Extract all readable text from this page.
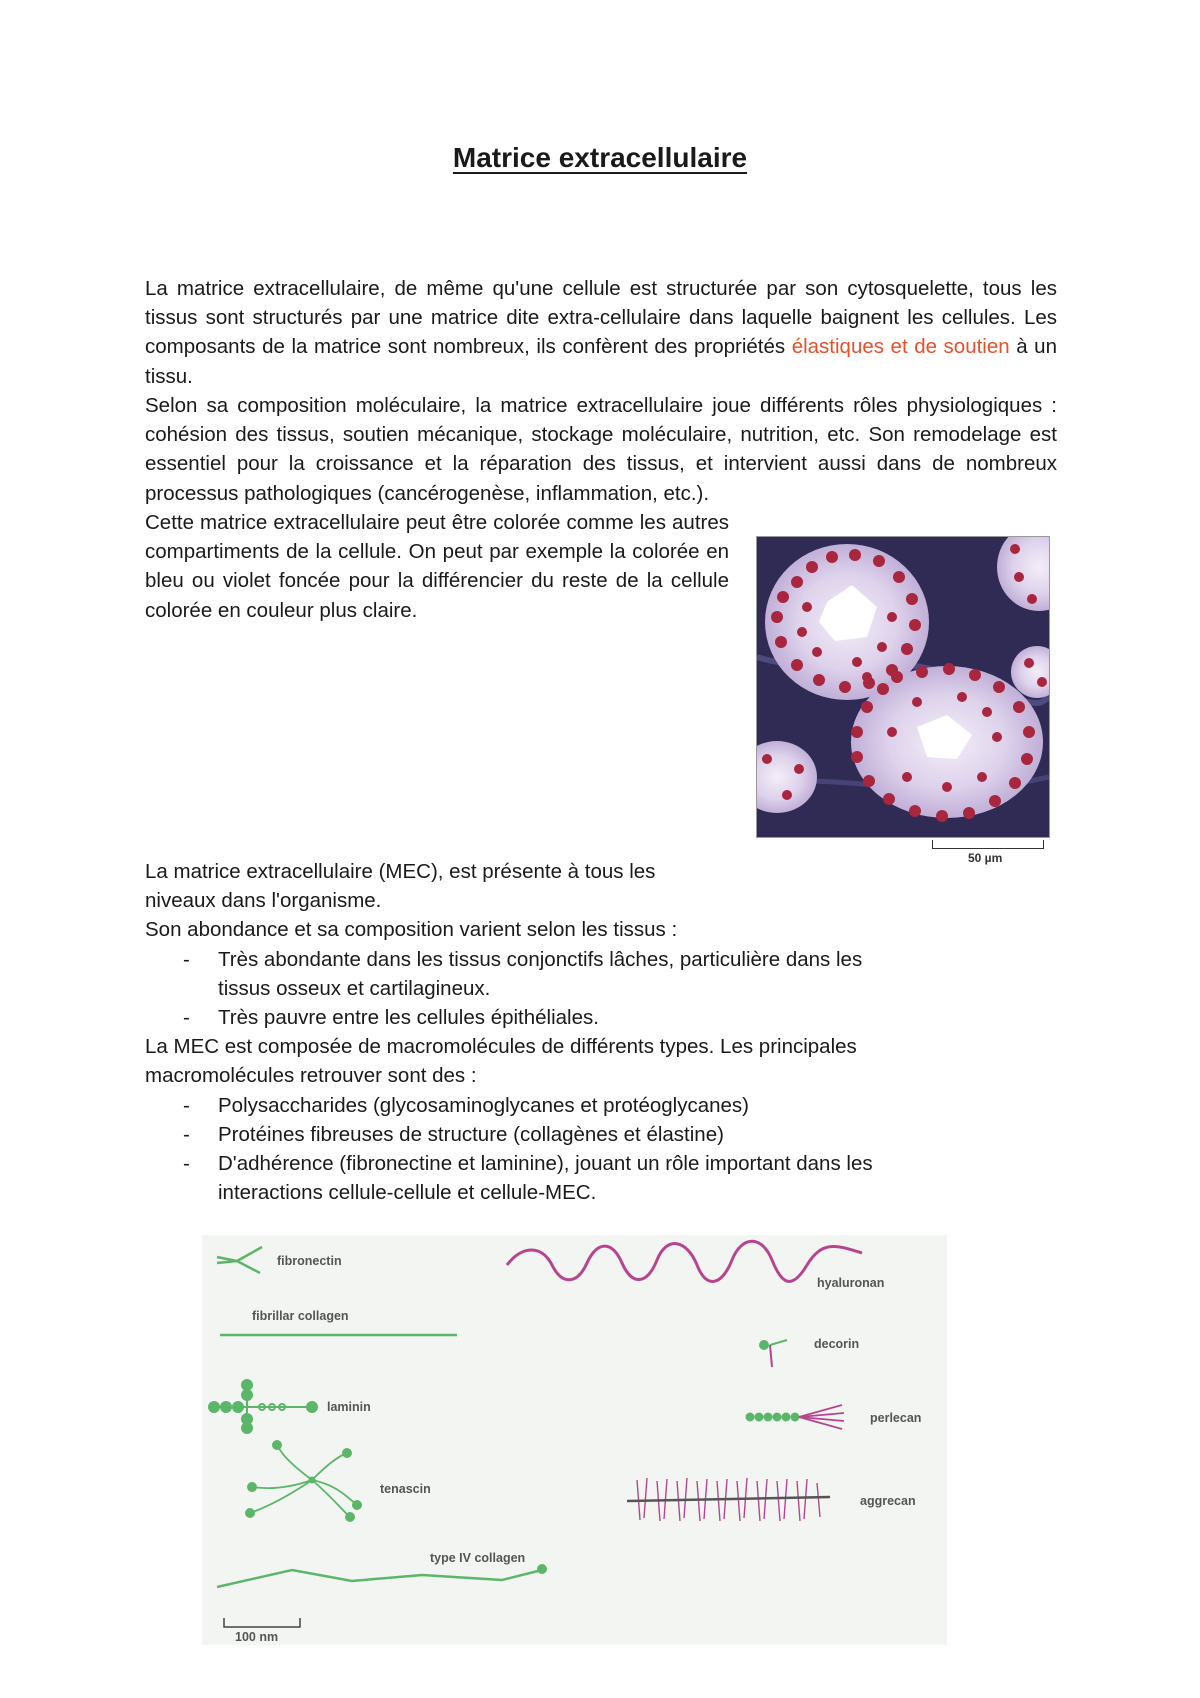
Matrice extracellulaire

La matrice extracellulaire, de même qu'une cellule est structurée par son cytosquelette, tous les tissus sont structurés par une matrice dite extra-cellulaire dans laquelle baignent les cellules. Les composants de la matrice sont nombreux, ils confèrent des propriétés élastiques et de soutien à un tissu.

Selon sa composition moléculaire, la matrice extracellulaire joue différents rôles physiologiques : cohésion des tissus, soutien mécanique, stockage moléculaire, nutrition, etc. Son remodelage est essentiel pour la croissance et la réparation des tissus, et intervient aussi dans de nombreux processus pathologiques (cancérogenèse, inflammation, etc.).

Cette matrice extracellulaire peut être colorée comme les autres compartiments de la cellule. On peut par exemple la colorée en bleu ou violet foncée pour la différencier du reste de la cellule colorée en couleur plus claire.

50 µm

La matrice extracellulaire (MEC), est présente à tous les

niveaux dans l'organisme.

Son abondance et sa composition varient selon les tissus :

- Très abondante dans les tissus conjonctifs lâches, particulière dans les tissus osseux et cartilagineux.
- Très pauvre entre les cellules épithéliales.

La MEC est composée de macromolécules de différents types. Les principales macromolécules retrouver sont des :

- Polysaccharides (glycosaminoglycanes et protéoglycanes)
- Protéines fibreuses de structure (collagènes et élastine)
- D'adhérence (fibronectine et laminine), jouant un rôle important dans les interactions cellule-cellule et cellule-MEC.
fibronectin
hyaluronan
fibrillar collagen
decorin
laminin
perlecan
tenascin
aggrecan
type IV collagen
100 nm
